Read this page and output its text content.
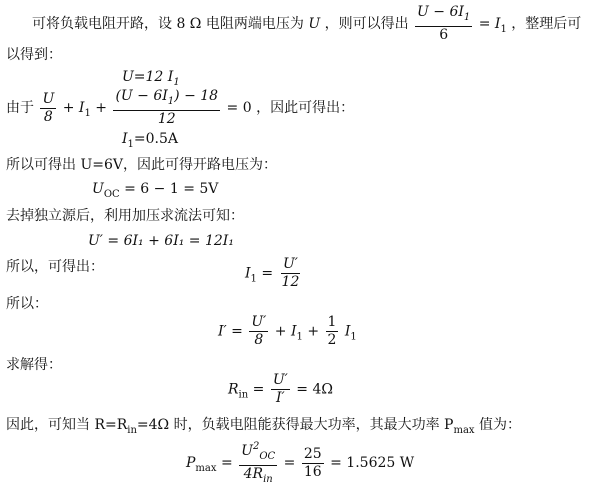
可将负载电阻开路，设 8 Ω 电阻两端电压为 U ，则可以得出 $\frac{U - 6I_1}{6} = I_1$ ，整理后可
以得到：
U=12 $I_1$
由于 $\frac{U}{8} + I_1 + \frac{(U - 6I_1) - 18}{12} = 0$ ，因此可得出：
$I_1=0.5A$
所以可得出 U=6V，因此可得开路电压为：
$U_{OC} = 6 - 1 = 5V$
去掉独立源后，利用加压求流法可知：
U′ = 6I₁ + 6I₁ = 12I₁
所以，可得出：	$I_1 = \frac{U'}{12}$
所以：
$I' = \frac{U'}{8} + I_1 + \frac{1}{2} I_1$
求解得：
$R_{in} = \frac{U'}{I'} = 4\Omega$
因此，可知当 $R=R_{in}=4\Omega$ 时，负载电阻能获得最大功率，其最大功率 $P_{max}$ 值为：
$P_{max} = \frac{U^2_{OC}}{4R_{in}} = \frac{25}{16} = 1.5625$ W
